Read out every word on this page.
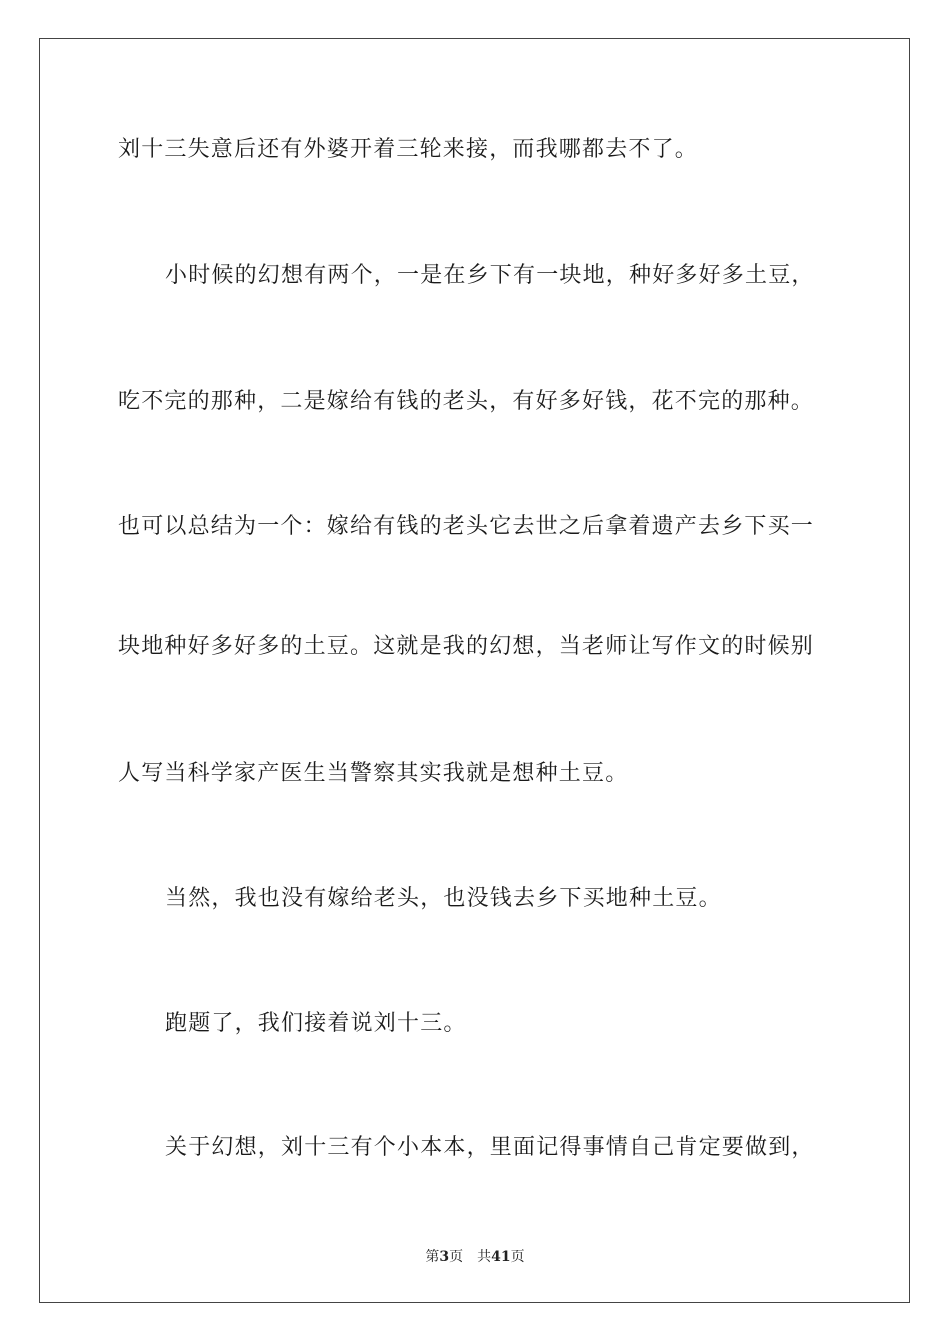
刘十三失意后还有外婆开着三轮来接，而我哪都去不了。
小时候的幻想有两个，一是在乡下有一块地，种好多好多土豆，
吃不完的那种，二是嫁给有钱的老头，有好多好钱，花不完的那种。
也可以总结为一个：嫁给有钱的老头它去世之后拿着遗产去乡下买一
块地种好多好多的土豆。这就是我的幻想，当老师让写作文的时候别
人写当科学家产医生当警察其实我就是想种土豆。
当然，我也没有嫁给老头，也没钱去乡下买地种土豆。
跑题了，我们接着说刘十三。
关于幻想，刘十三有个小本本，里面记得事情自己肯定要做到，
第3页 共41页
